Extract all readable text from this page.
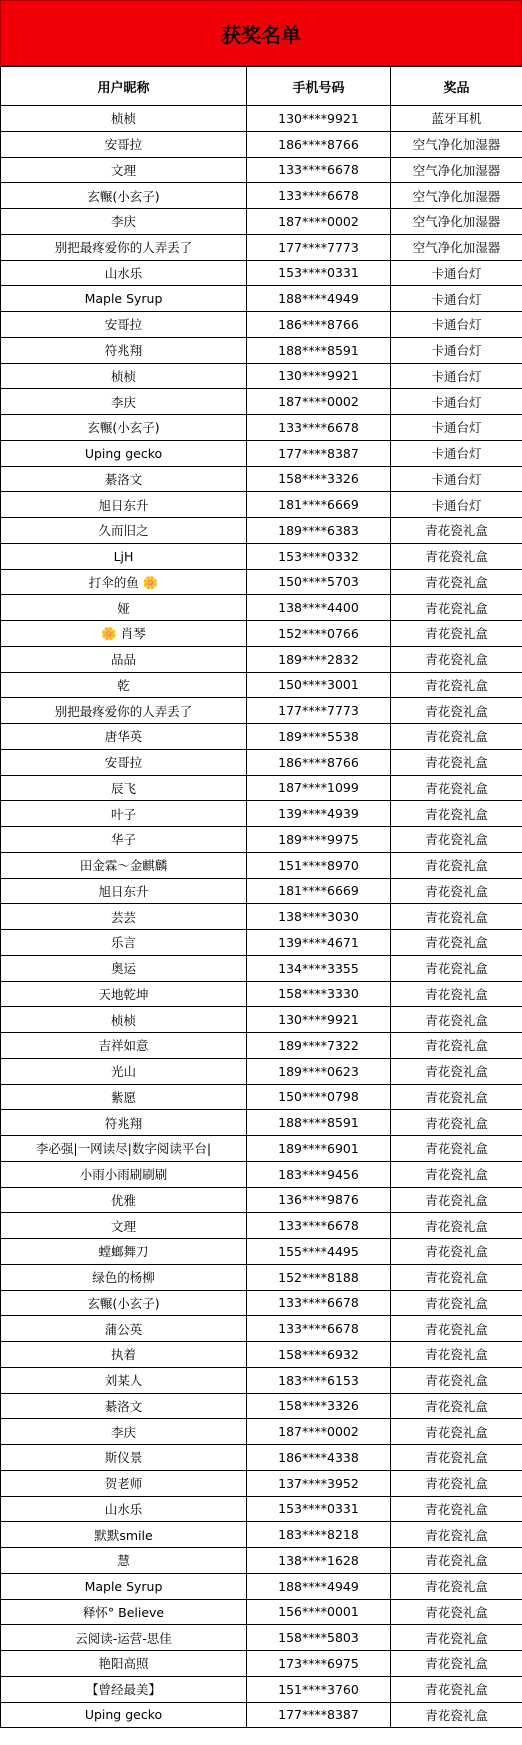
获奖名单
用户昵称	手机号码	奖品
桢桢	130****9921	蓝牙耳机
安哥拉	186****8766	空气净化加湿器
文理	133****6678	空气净化加湿器
玄冁(小玄子)	133****6678	空气净化加湿器
李庆	187****0002	空气净化加湿器
别把最疼爱你的人弄丢了	177****7773	空气净化加湿器
山水乐	153****0331	卡通台灯
Maple Syrup	188****4949	卡通台灯
安哥拉	186****8766	卡通台灯
符兆翔	188****8591	卡通台灯
桢桢	130****9921	卡通台灯
李庆	187****0002	卡通台灯
玄冁(小玄子)	133****6678	卡通台灯
Uping gecko	177****8387	卡通台灯
綦洛文	158****3326	卡通台灯
旭日东升	181****6669	卡通台灯
久而旧之	189****6383	青花瓷礼盒
LjH	153****0332	青花瓷礼盒
打伞的鱼 🌼	150****5703	青花瓷礼盒
娅	138****4400	青花瓷礼盒
🌼 肖琴	152****0766	青花瓷礼盒
品品	189****2832	青花瓷礼盒
乾	150****3001	青花瓷礼盒
别把最疼爱你的人弄丢了	177****7773	青花瓷礼盒
唐华英	189****5538	青花瓷礼盒
安哥拉	186****8766	青花瓷礼盒
辰飞	187****1099	青花瓷礼盒
叶子	139****4939	青花瓷礼盒
华子	189****9975	青花瓷礼盒
田金霖～金麒麟	151****8970	青花瓷礼盒
旭日东升	181****6669	青花瓷礼盒
芸芸	138****3030	青花瓷礼盒
乐言	139****4671	青花瓷礼盒
奥运	134****3355	青花瓷礼盒
天地乾坤	158****3330	青花瓷礼盒
桢桢	130****9921	青花瓷礼盒
吉祥如意	189****7322	青花瓷礼盒
光山	189****0623	青花瓷礼盒
紫愿	150****0798	青花瓷礼盒
符兆翔	188****8591	青花瓷礼盒
李必强|一网读尽|数字阅读平台|	189****6901	青花瓷礼盒
小雨小雨刷刷刷	183****9456	青花瓷礼盒
优雅	136****9876	青花瓷礼盒
文理	133****6678	青花瓷礼盒
螳螂舞刀	155****4495	青花瓷礼盒
绿色的杨柳	152****8188	青花瓷礼盒
玄冁(小玄子)	133****6678	青花瓷礼盒
蒲公英	133****6678	青花瓷礼盒
执着	158****6932	青花瓷礼盒
刘某人	183****6153	青花瓷礼盒
綦洛文	158****3326	青花瓷礼盒
李庆	187****0002	青花瓷礼盒
斯仪景	186****4338	青花瓷礼盒
贺老师	137****3952	青花瓷礼盒
山水乐	153****0331	青花瓷礼盒
默默smile	183****8218	青花瓷礼盒
慧	138****1628	青花瓷礼盒
Maple Syrup	188****4949	青花瓷礼盒
释怀° Believe	156****0001	青花瓷礼盒
云阅读-运营-思佳	158****5803	青花瓷礼盒
艳阳高照	173****6975	青花瓷礼盒
【曾经最美】	151****3760	青花瓷礼盒
Uping gecko	177****8387	青花瓷礼盒
